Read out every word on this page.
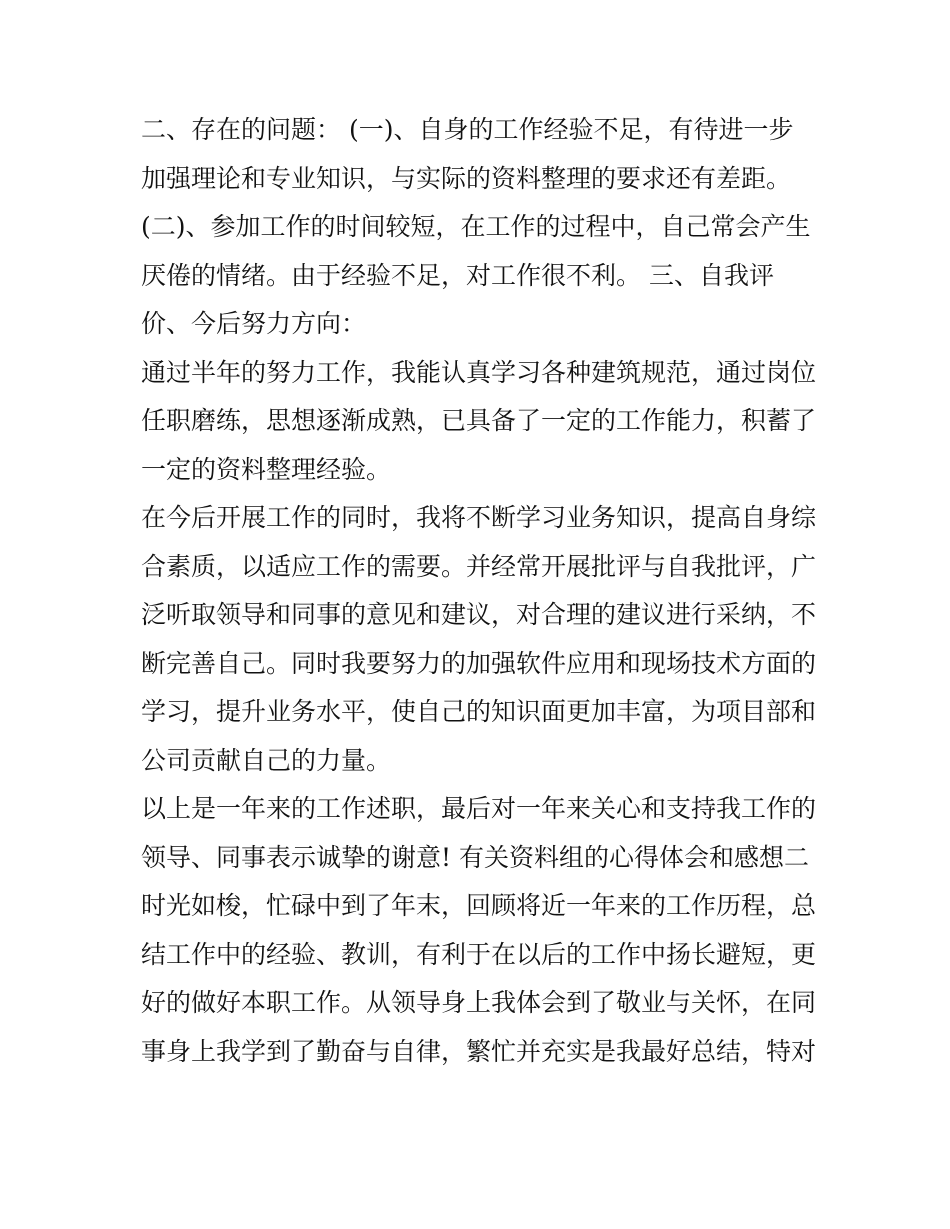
二、存在的问题： (一)、自身的工作经验不足，有待进一步
加强理论和专业知识，与实际的资料整理的要求还有差距。
(二)、参加工作的时间较短，在工作的过程中，自己常会产生
厌倦的情绪。由于经验不足，对工作很不利。 三、自我评
价、今后努力方向：
通过半年的努力工作，我能认真学习各种建筑规范，通过岗位
任职磨练，思想逐渐成熟，已具备了一定的工作能力，积蓄了
一定的资料整理经验。
在今后开展工作的同时，我将不断学习业务知识，提高自身综
合素质，以适应工作的需要。并经常开展批评与自我批评，广
泛听取领导和同事的意见和建议，对合理的建议进行采纳，不
断完善自己。同时我要努力的加强软件应用和现场技术方面的
学习，提升业务水平，使自己的知识面更加丰富，为项目部和
公司贡献自己的力量。
以上是一年来的工作述职，最后对一年来关心和支持我工作的
领导、同事表示诚挚的谢意! 有关资料组的心得体会和感想二
时光如梭，忙碌中到了年末，回顾将近一年来的工作历程，总
结工作中的经验、教训，有利于在以后的工作中扬长避短，更
好的做好本职工作。从领导身上我体会到了敬业与关怀，在同
事身上我学到了勤奋与自律，繁忙并充实是我最好总结，特对
